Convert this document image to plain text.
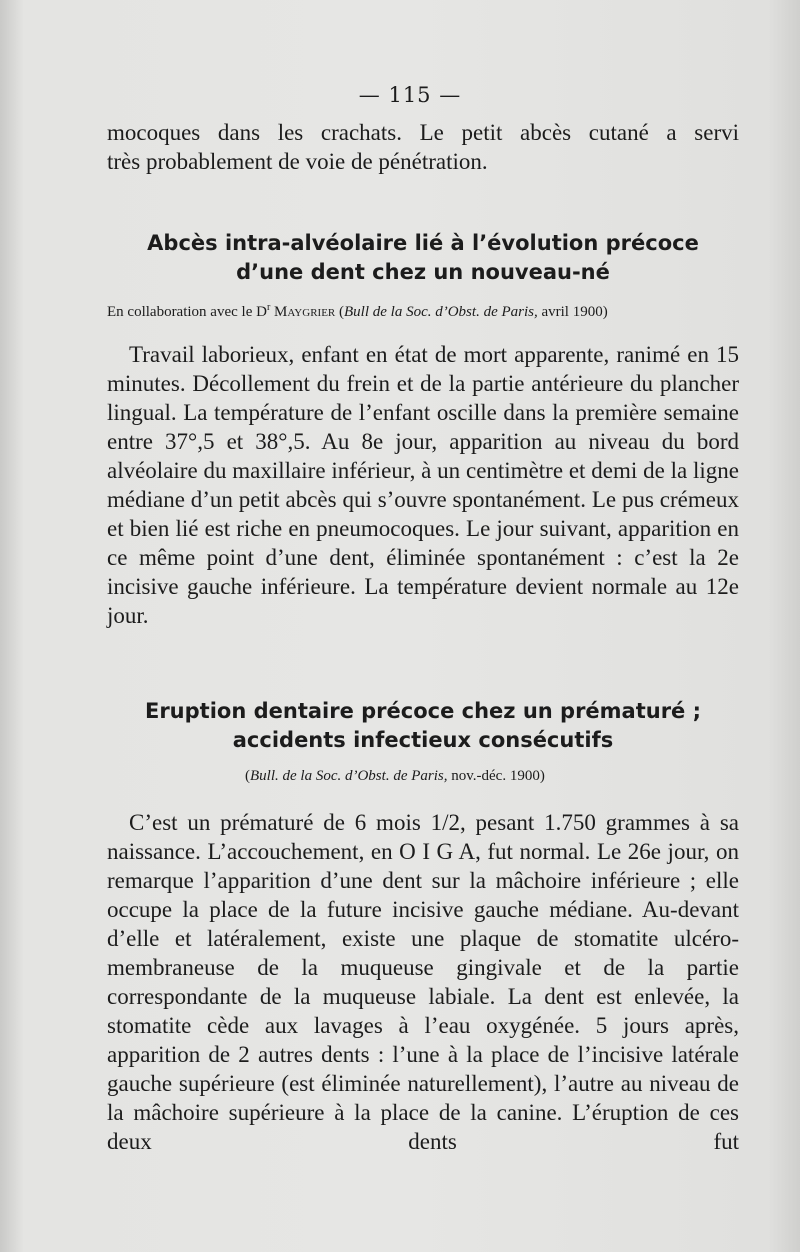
— 115 —

mocoques dans les crachats. Le petit abcès cutané a servi

très probablement de voie de pénétration.

Abcès intra-alvéolaire lié à l’évolution précoce
d’une dent chez un nouveau-né
En collaboration avec le $D^r$ Maygrier (Bull de la Soc. d’Obst. de Paris, avril 1900)

Travail laborieux, enfant en état de mort apparente, ranimé en 15 minutes. Décollement du frein et de la partie antérieure du plancher lingual. La température de l’enfant oscille dans la première semaine entre 37°,5 et 38°,5. Au 8e jour, apparition au niveau du bord alvéolaire du maxillaire inférieur, à un centimètre et demi de la ligne médiane d’un petit abcès qui s’ouvre spontanément. Le pus crémeux et bien lié est riche en pneumocoques. Le jour suivant, apparition en ce même point d’une dent, éliminée spontanément : c’est la 2e incisive gauche inférieure. La température devient normale au 12e jour.

Eruption dentaire précoce chez un prématuré ;
accidents infectieux consécutifs
(Bull. de la Soc. d’Obst. de Paris, nov.-déc. 1900)

C’est un prématuré de 6 mois 1/2, pesant 1.750 grammes à sa naissance. L’accouchement, en O I G A, fut normal. Le 26e jour, on remarque l’apparition d’une dent sur la mâchoire inférieure ; elle occupe la place de la future incisive gauche médiane. Au-devant d’elle et latéralement, existe une plaque de stomatite ulcéro-membraneuse de la muqueuse gingivale et de la partie correspondante de la muqueuse labiale. La dent est enlevée, la stomatite cède aux lavages à l’eau oxygénée. 5 jours après, apparition de 2 autres dents : l’une à la place de l’incisive latérale gauche supérieure (est éliminée naturellement), l’autre au niveau de la mâchoire supérieure à la place de la canine. L’éruption de ces deux dents fut
